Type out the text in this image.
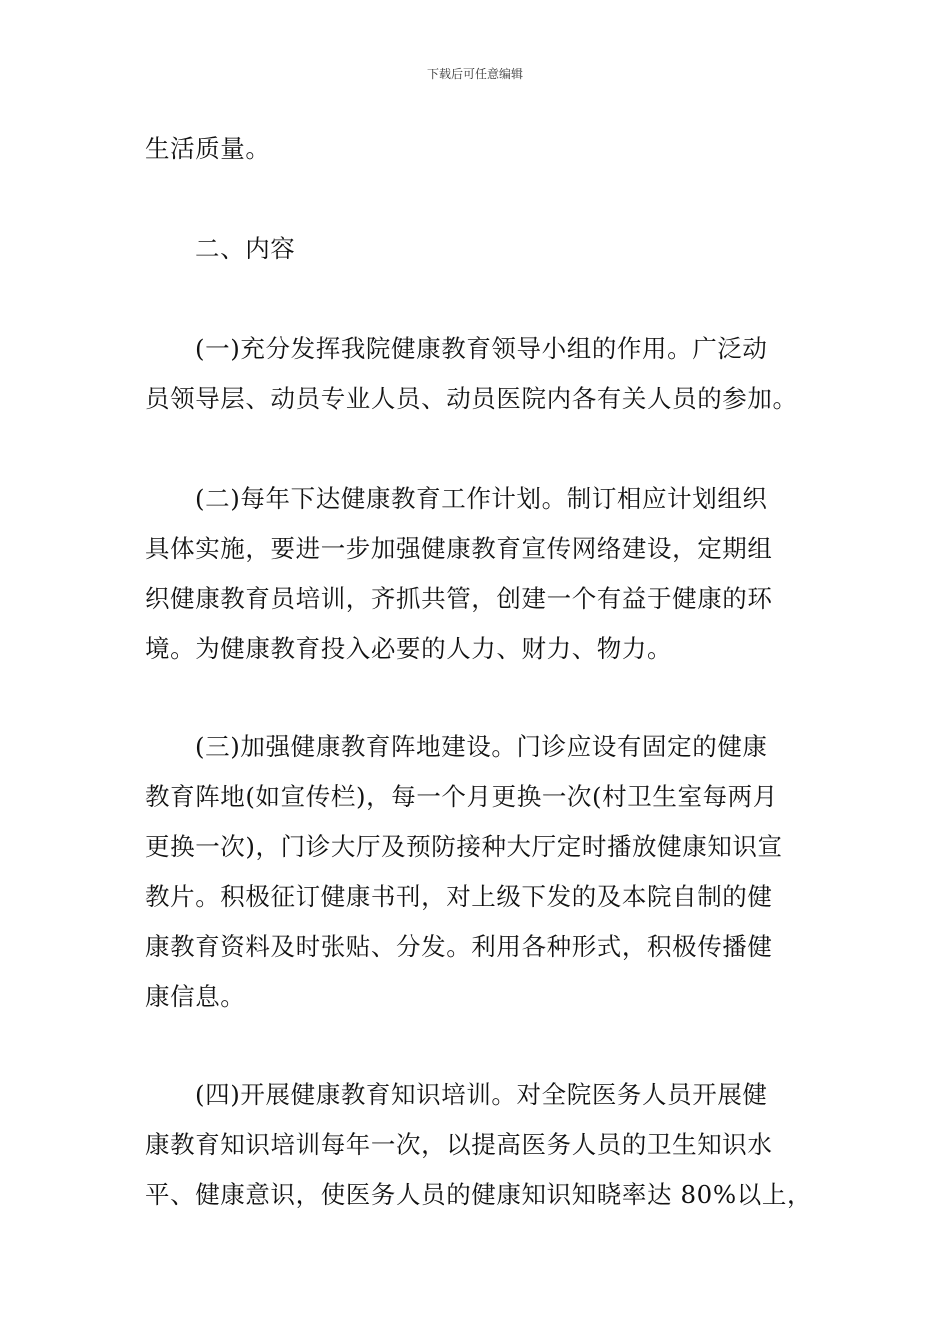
下载后可任意编辑
生活质量。
二、内容
(一)充分发挥我院健康教育领导小组的作用。广泛动
员领导层、动员专业人员、动员医院内各有关人员的参加。
(二)每年下达健康教育工作计划。制订相应计划组织
具体实施，要进一步加强健康教育宣传网络建设，定期组
织健康教育员培训，齐抓共管，创建一个有益于健康的环
境。为健康教育投入必要的人力、财力、物力。
(三)加强健康教育阵地建设。门诊应设有固定的健康
教育阵地(如宣传栏)，每一个月更换一次(村卫生室每两月
更换一次)，门诊大厅及预防接种大厅定时播放健康知识宣
教片。积极征订健康书刊，对上级下发的及本院自制的健
康教育资料及时张贴、分发。利用各种形式，积极传播健
康信息。
(四)开展健康教育知识培训。对全院医务人员开展健
康教育知识培训每年一次，以提高医务人员的卫生知识水
平、健康意识，使医务人员的健康知识知晓率达 80%以上，
